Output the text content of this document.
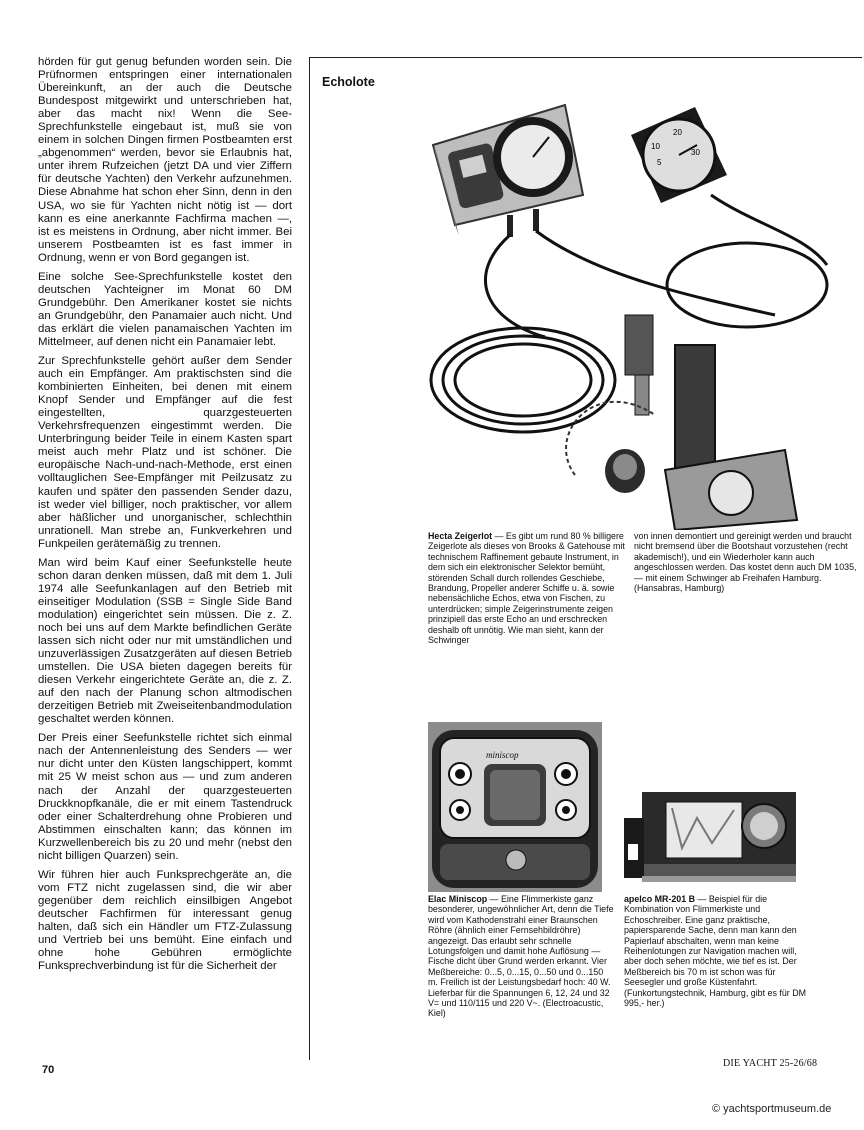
hörden für gut genug befunden worden sein. Die Prüfnormen entspringen einer internationalen Übereinkunft, an der auch die Deutsche Bundespost mitgewirkt und unterschrieben hat, aber das macht nix! Wenn die See-Sprechfunkstelle eingebaut ist, muß sie von einem in solchen Dingen firmen Postbeamten erst „abgenommen“ werden, bevor sie Erlaubnis hat, unter ihrem Rufzeichen (jetzt DA und vier Ziffern für deutsche Yachten) den Verkehr aufzunehmen. Diese Abnahme hat schon eher Sinn, denn in den USA, wo sie für Yachten nicht nötig ist — dort kann es eine anerkannte Fachfirma machen —, ist es meistens in Ordnung, aber nicht immer. Bei unserem Postbeamten ist es fast immer in Ordnung, wenn er von Bord gegangen ist.

Eine solche See-Sprechfunkstelle kostet den deutschen Yachteigner im Monat 60 DM Grundgebühr. Den Amerikaner kostet sie nichts an Grundgebühr, den Panamaier auch nicht. Und das erklärt die vielen panamaischen Yachten im Mittelmeer, auf denen nicht ein Panamaier lebt.

Zur Sprechfunkstelle gehört außer dem Sender auch ein Empfänger. Am praktischsten sind die kombinierten Einheiten, bei denen mit einem Knopf Sender und Empfänger auf die fest eingestellten, quarzgesteuerten Verkehrsfrequenzen eingestimmt werden. Die Unterbringung beider Teile in einem Kasten spart meist auch mehr Platz und ist schöner. Die europäische Nach-und-nach-Methode, erst einen volltauglichen See-Empfänger mit Peilzusatz zu kaufen und später den passenden Sender dazu, ist weder viel billiger, noch praktischer, vor allem aber häßlicher und unorganischer, schlechthin unrationell. Man strebe an, Funkverkehren und Funkpeilen gerätemäßig zu trennen.

Man wird beim Kauf einer Seefunkstelle heute schon daran denken müssen, daß mit dem 1. Juli 1974 alle Seefunkanlagen auf den Betrieb mit einseitiger Modulation (SSB = Single Side Band modulation) eingerichtet sein müssen. Die z. Z. noch bei uns auf dem Markte befindlichen Geräte lassen sich nicht oder nur mit umständlichen und unzuverlässigen Zusatzgeräten auf diesen Betrieb umstellen. Die USA bieten dagegen bereits für diesen Verkehr eingerichtete Geräte an, die z. Z. auf den nach der Planung schon altmodischen derzeitigen Betrieb mit Zweiseitenbandmodulation geschaltet werden können.

Der Preis einer Seefunkstelle richtet sich einmal nach der Antennenleistung des Senders — wer nur dicht unter den Küsten langschippert, kommt mit 25 W meist schon aus — und zum anderen nach der Anzahl der quarzgesteuerten Druckknopfkanäle, die er mit einem Tastendruck oder einer Schalterdrehung ohne Probieren und Abstimmen einschalten kann; das können im Kurzwellenbereich bis zu 20 und mehr (nebst den nicht billigen Quarzen) sein.

Wir führen hier auch Funksprechgeräte an, die vom FTZ nicht zugelassen sind, die wir aber gegenüber dem reichlich einsilbigen Angebot deutscher Fachfirmen für interessant genug halten, daß sich ein Händler um FTZ-Zulassung und Vertrieb bei uns bemüht. Eine einfach und ohne hohe Gebühren ermöglichte Funksprechverbindung ist für die Sicherheit der

Echolote
10
20
30
5

Hecta Zeigerlot — Es gibt um rund 80 % billigere Zeigerlote als dieses von Brooks & Gatehouse mit technischem Raffinement gebaute Instrument, in dem sich ein elektronischer Selektor bemüht, störenden Schall durch rollendes Geschiebe, Brandung, Propeller anderer Schiffe u. ä. sowie nebensächliche Echos, etwa von Fischen, zu unterdrücken; simple Zeigerinstrumente zeigen prinzipiell das erste Echo an und erschrecken deshalb oft unnötig. Wie man sieht, kann der Schwinger

von innen demontiert und gereinigt werden und braucht nicht bremsend über die Bootshaut vorzustehen (recht akademisch!), und ein Wiederholer kann auch angeschlossen werden. Das kostet denn auch DM 1035,— mit einem Schwinger ab Freihafen Hamburg. (Hansabras, Hamburg)

miniscop

Elac Miniscop — Eine Flimmerkiste ganz besonderer, ungewöhnlicher Art, denn die Tiefe wird vom Kathodenstrahl einer Braunschen Röhre (ähnlich einer Fernsehbildröhre) angezeigt. Das erlaubt sehr schnelle Lotungsfolgen und damit hohe Auflösung — Fische dicht über Grund werden erkannt. Vier Meßbereiche: 0...5, 0...15, 0...50 und 0...150 m. Freilich ist der Leistungsbedarf hoch: 40 W. Lieferbar für die Spannungen 6, 12, 24 und 32 V= und 110/115 und 220 V~. (Electroacustic, Kiel)

apelco MR-201 B — Beispiel für die Kombination von Flimmerkiste und Echoschreiber. Eine ganz praktische, papiersparende Sache, denn man kann den Papierlauf abschalten, wenn man keine Reihenlotungen zur Navigation machen will, aber doch sehen möchte, wie tief es ist. Der Meßbereich bis 70 m ist schon was für Seesegler und große Küstenfahrt. (Funkortungstechnik, Hamburg, gibt es für DM 995,- her.)

70
DIE YACHT 25-26/68
© yachtsportmuseum.de
